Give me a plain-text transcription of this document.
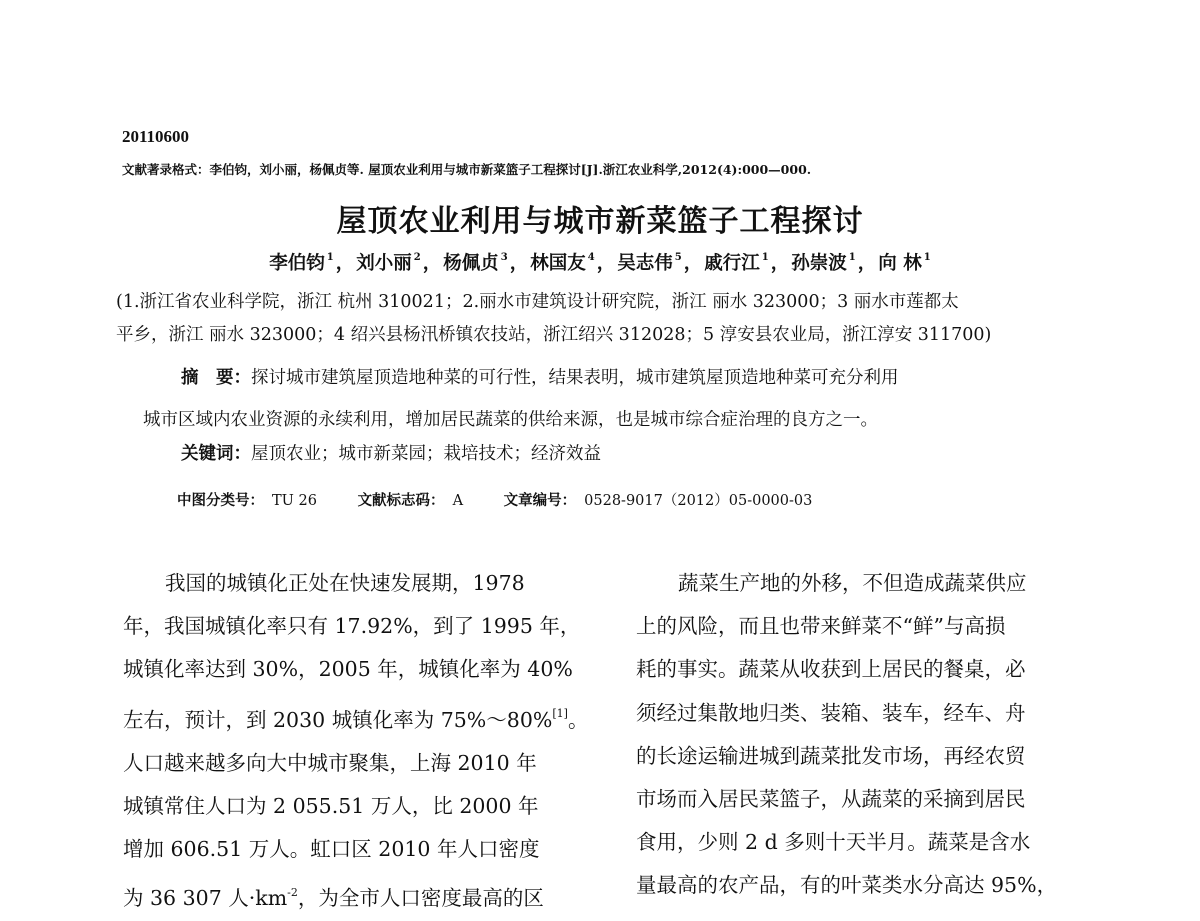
20110600
文献著录格式：李伯钧，刘小丽，杨佩贞等. 屋顶农业利用与城市新菜篮子工程探讨[J].浙江农业科学,2012(4):000—000.
屋顶农业利用与城市新菜篮子工程探讨
李伯钧 $^1$ ， 刘小丽 $^2$ ， 杨佩贞 $^3$ ， 林国友 $^4$ ， 吴志伟 $^5$ ， 戚行江 $^1$ ， 孙崇波 $^1$ ， 向 林 $^1$
(1.浙江省农业科学院，浙江 杭州 310021；2.丽水市建筑设计研究院，浙江 丽水 323000；3 丽水市莲都太
平乡，浙江 丽水 323000；4 绍兴县杨汛桥镇农技站，浙江绍兴 312028；5 淳安县农业局，浙江淳安 311700)
摘　要：探讨城市建筑屋顶造地种菜的可行性，结果表明，城市建筑屋顶造地种菜可充分利用
城市区域内农业资源的永续利用，增加居民蔬菜的供给来源，也是城市综合症治理的良方之一。
关键词：屋顶农业；城市新菜园；栽培技术；经济效益
中图分类号： TU 26	文献标志码： A	文章编号： 0528-9017（2012）05-0000-03
我国的城镇化正处在快速发展期，1978
年，我国城镇化率只有 17.92%，到了 1995 年，
城镇化率达到 30%，2005 年，城镇化率为 40%
左右，预计，到 2030 城镇化率为 75%～80%[1]。
人口越来越多向大中城市聚集，上海 2010 年
城镇常住人口为 2 055.51 万人，比 2000 年
增加 606.51 万人。虹口区 2010 年人口密度
为 36 307 人$\cdot km^{-2}$，为全市人口密度最高的区
蔬菜生产地的外移，不但造成蔬菜供应
上的风险，而且也带来鲜菜不“鲜”与高损
耗的事实。蔬菜从收获到上居民的餐桌，必
须经过集散地归类、装箱、装车，经车、舟
的长途运输进城到蔬菜批发市场，再经农贸
市场而入居民菜篮子，从蔬菜的采摘到居民
食用，少则 2 d 多则十天半月。蔬菜是含水
量最高的农产品，有的叶菜类水分高达 95%，
